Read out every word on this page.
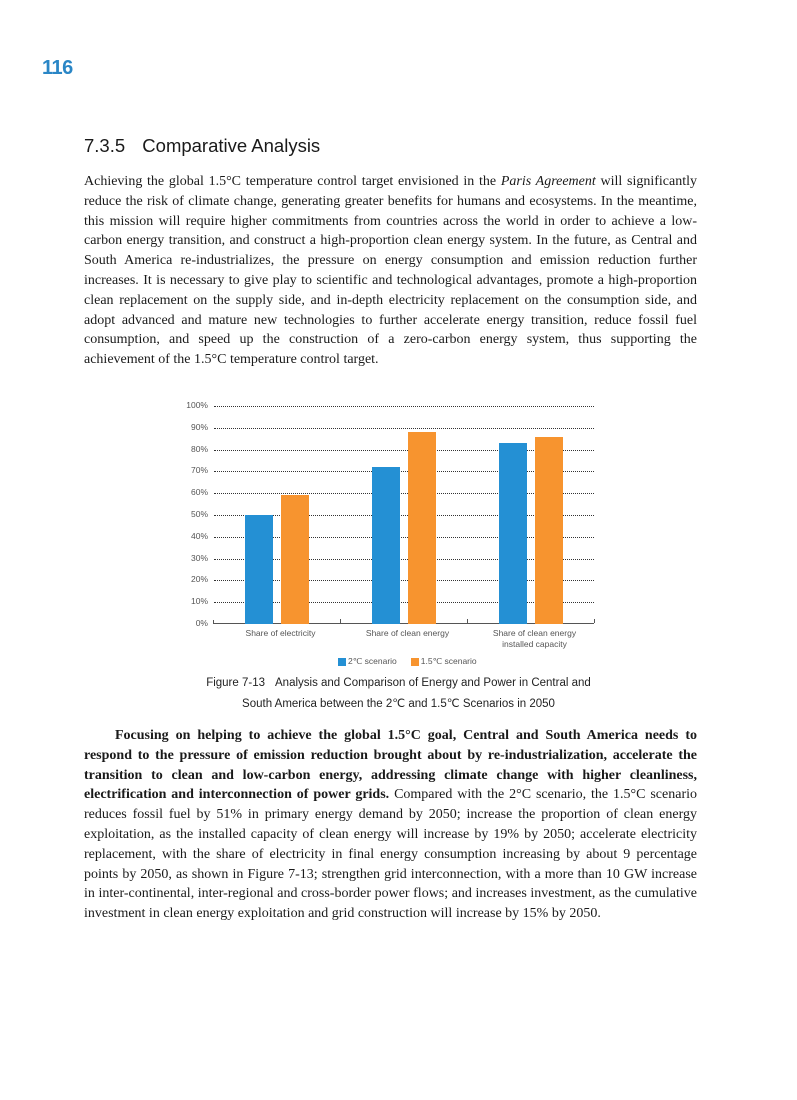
116
7.3.5 Comparative Analysis

Achieving the global 1.5°C temperature control target envisioned in the Paris Agreement will significantly reduce the risk of climate change, generating greater benefits for humans and ecosystems. In the meantime, this mission will require higher commitments from countries across the world in order to achieve a low-carbon energy transition, and construct a high-proportion clean energy system. In the future, as Central and South America re-industrializes, the pressure on energy consumption and emission reduction further increases. It is necessary to give play to scientific and technological advantages, promote a high-proportion clean replacement on the supply side, and in-depth electricity replacement on the consumption side, and adopt advanced and mature new technologies to further accelerate energy transition, reduce fossil fuel consumption, and speed up the construction of a zero-carbon energy system, thus supporting the achievement of the 1.5°C temperature control target.

0%
10%
20%
30%
40%
50%
60%
70%
80%
90%
100%
Share of electricity	Share of clean energy	Share of clean energy
installed capacity
2℃ scenario	1.5℃ scenario
Figure 7-13 Analysis and Comparison of Energy and Power in Central and
South America between the 2℃ and 1.5℃ Scenarios in 2050

Focusing on helping to achieve the global 1.5°C goal, Central and South America needs to respond to the pressure of emission reduction brought about by re-industrialization, accelerate the transition to clean and low-carbon energy, addressing climate change with higher cleanliness, electrification and interconnection of power grids. Compared with the 2°C scenario, the 1.5°C scenario reduces fossil fuel by 51% in primary energy demand by 2050; increase the proportion of clean energy exploitation, as the installed capacity of clean energy will increase by 19% by 2050; accelerate electricity replacement, with the share of electricity in final energy consumption increasing by about 9 percentage points by 2050, as shown in Figure 7-13; strengthen grid interconnection, with a more than 10 GW increase in inter-continental, inter-regional and cross-border power flows; and increases investment, as the cumulative investment in clean energy exploitation and grid construction will increase by 15% by 2050.
